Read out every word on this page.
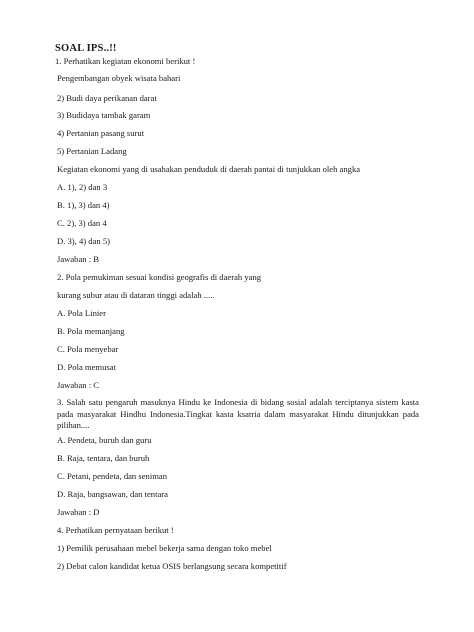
SOAL IPS..!!
1. Perhatikan kegiatan ekonomi berikut !
Pengembangan obyek wisata bahari
2) Budi daya perikanan darat
3) Budidaya tambak garam
4) Pertanian pasang surut
5) Pertanian Ladang
Kegiatan ekonomi yang di usahakan penduduk di daerah pantai di tunjukkan oleh angka
A. 1), 2) dan 3
B. 1), 3) dan 4)
C. 2), 3) dan 4
D. 3), 4) dan 5)
Jawaban : B
2. Pola pemukiman sesuai kondisi geografis di daerah yang
kurang subur atau di dataran tinggi adalah .....
A. Pola Linier
B. Pola memanjang
C. Pola menyebar
D. Pola memusat
Jawaban : C
3. Salah satu pengaruh masuknya Hindu ke Indonesia di bidang sosial adalah terciptanya sistem kasta pada masyarakat Hindhu Indonesia.Tingkat kasta ksatria dalam masyarakat Hindu ditunjukkan pada pilihan....
A. Pendeta, buruh dan guru
B. Raja, tentara, dan buruh
C. Petani, pendeta, dan seniman
D. Raja, bangsawan, dan tentara
Jawaban : D
4. Perhatikan pernyataan berikut !
1) Pemilik perusahaan mebel bekerja sama dengan toko mebel
2) Debat calon kandidat ketua OSIS berlangsung secara kompetitif
